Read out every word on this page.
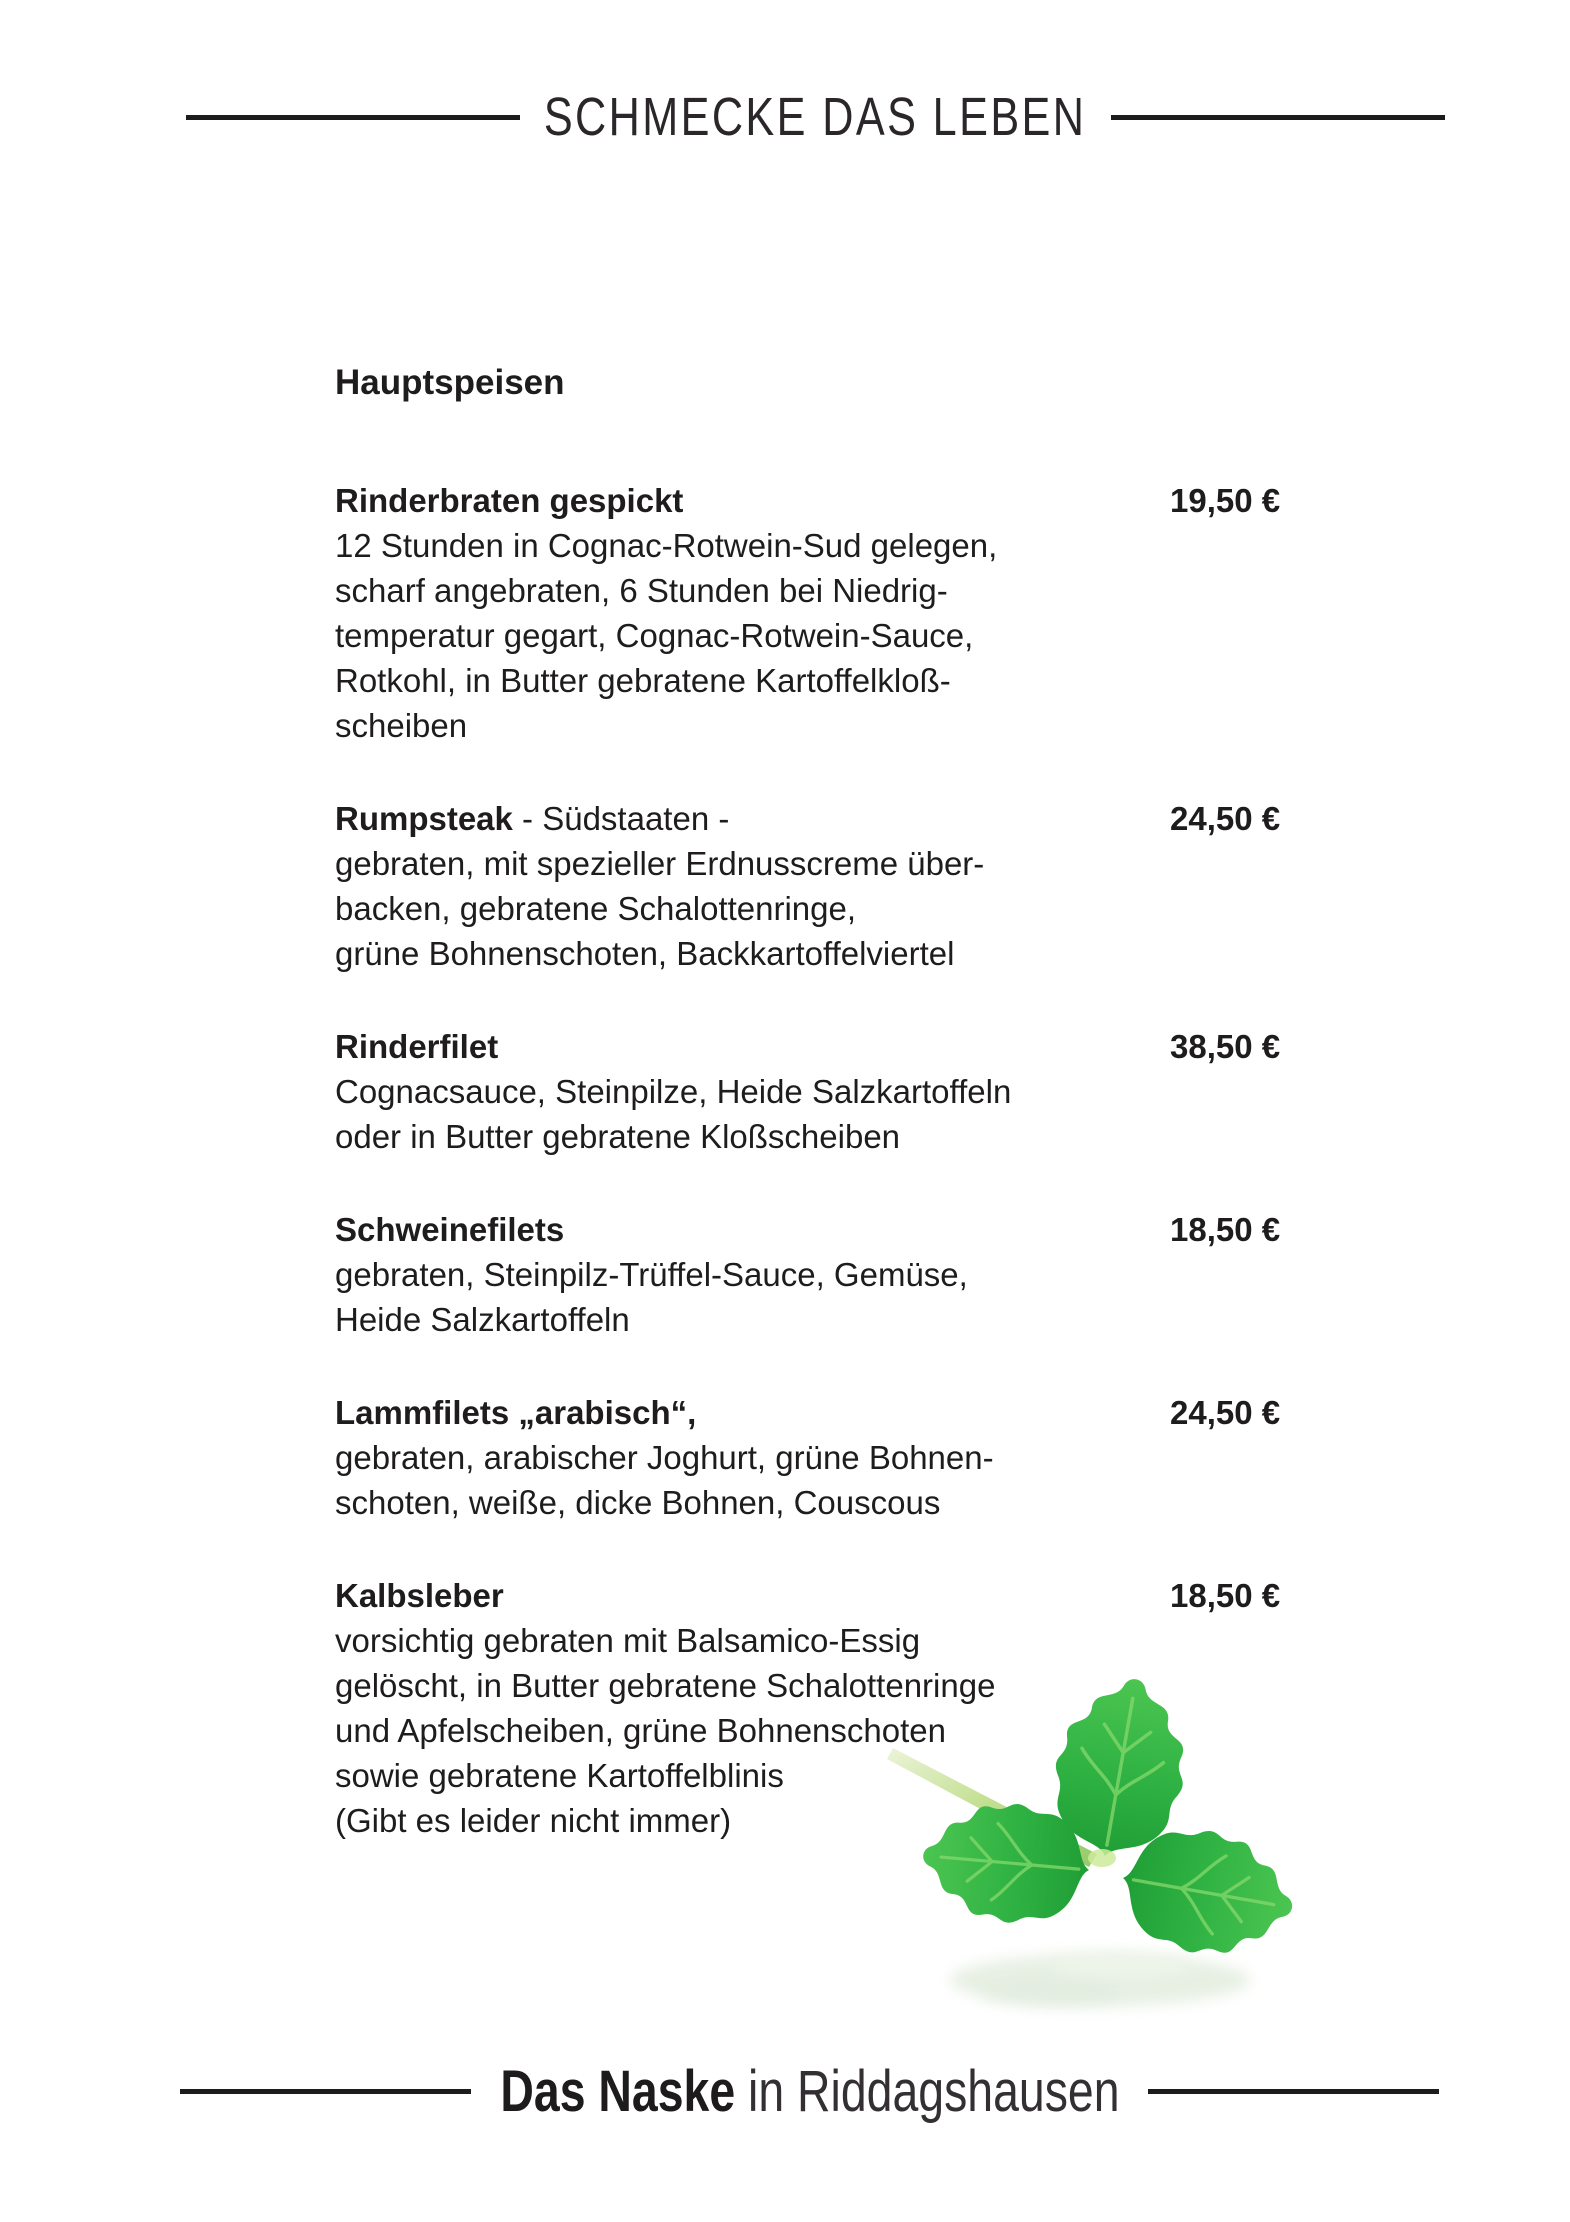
SCHMECKE DAS LEBEN
Hauptspeisen
Rinderbraten gespickt	19,50 €
12 Stunden in Cognac-Rotwein-Sud gelegen,
scharf angebraten, 6 Stunden bei Niedrig-
temperatur gegart, Cognac-Rotwein-Sauce,
Rotkohl, in Butter gebratene Kartoffelkloß-
scheiben
Rumpsteak - Südstaaten -	24,50 €
gebraten, mit spezieller Erdnusscreme über-
backen, gebratene Schalottenringe,
grüne Bohnenschoten, Backkartoffelviertel
Rinderfilet	38,50 €
Cognacsauce, Steinpilze, Heide Salzkartoffeln
oder in Butter gebratene Kloßscheiben
Schweinefilets	18,50 €
gebraten, Steinpilz-Trüffel-Sauce, Gemüse,
Heide Salzkartoffeln
Lammfilets „arabisch“,	24,50 €
gebraten, arabischer Joghurt, grüne Bohnen-
schoten, weiße, dicke Bohnen, Couscous
Kalbsleber	18,50 €
vorsichtig gebraten mit Balsamico-Essig
gelöscht, in Butter gebratene Schalottenringe
und Apfelscheiben, grüne Bohnenschoten
sowie gebratene Kartoffelblinis
(Gibt es leider nicht immer)
Das Naske in Riddagshausen
